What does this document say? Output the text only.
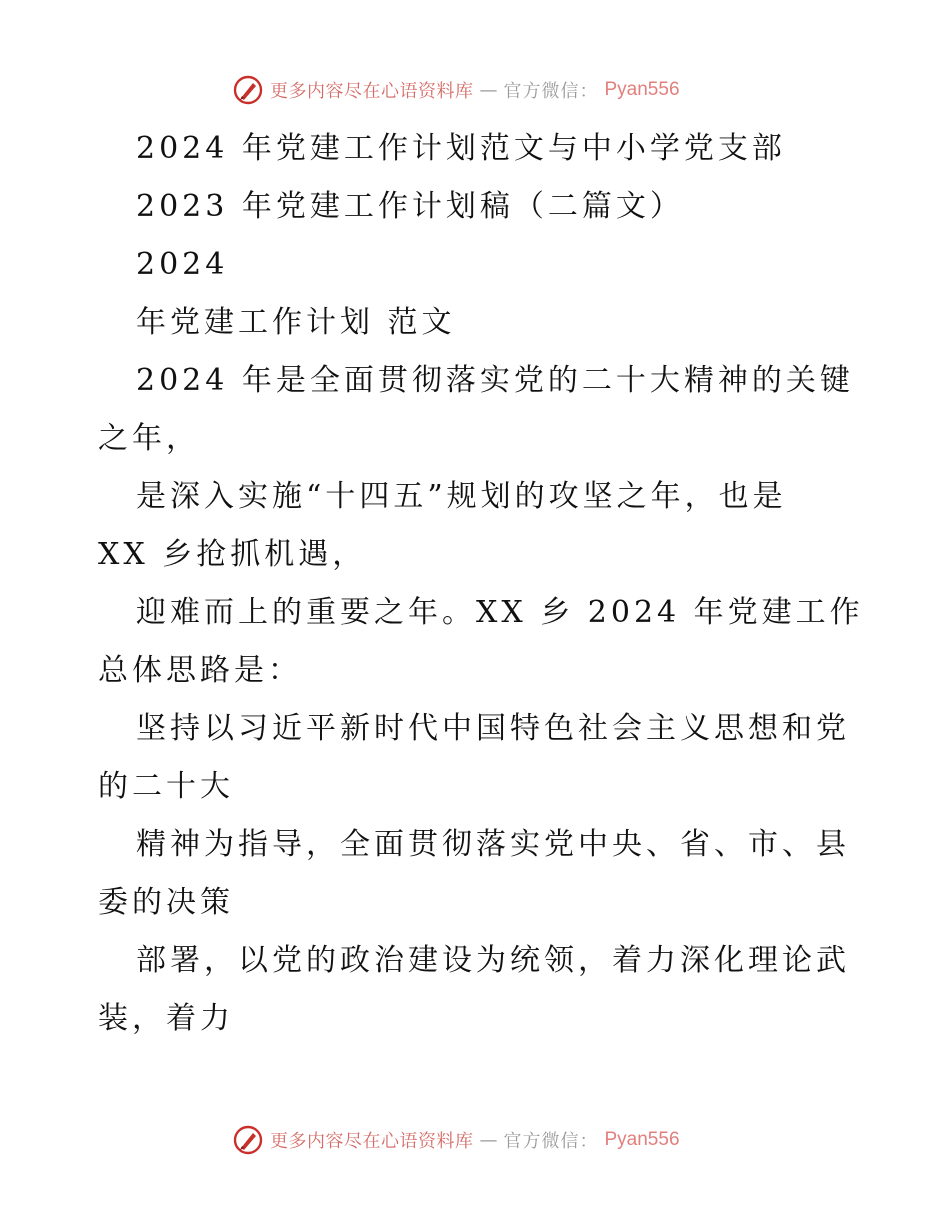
更多内容尽在心语资料库 — 官方微信： Pyan556
2024 年党建工作计划范文与中小学党支部
2023 年党建工作计划稿（二篇文）
2024
年党建工作计划 范文
2024 年是全面贯彻落实党的二十大精神的关键
之年，
是深入实施“十四五”规划的攻坚之年，也是
XX 乡抢抓机遇，
迎难而上的重要之年。XX 乡 2024 年党建工作
总体思路是：
坚持以习近平新时代中国特色社会主义思想和党
的二十大
精神为指导，全面贯彻落实党中央、省、市、县
委的决策
部署，以党的政治建设为统领，着力深化理论武
装，着力
更多内容尽在心语资料库 — 官方微信： Pyan556
